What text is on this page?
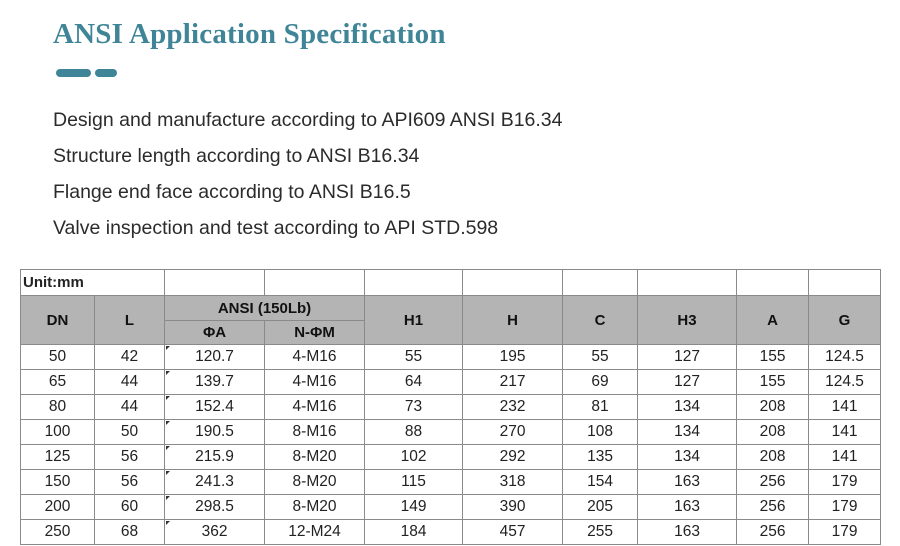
ANSI Application Specification
Design and manufacture according to API609 ANSI B16.34
Structure length according to ANSI B16.34
Flange end face according to ANSI B16.5
Valve inspection and test according to API STD.598
Unit:mm									
DN	L	ANSI (150Lb)		H1	H	C	H3	A	G
		ΦA	N-ΦM						
50	42	120.7	4-M16	55	195	55	127	155	124.5
65	44	139.7	4-M16	64	217	69	127	155	124.5
80	44	152.4	4-M16	73	232	81	134	208	141
100	50	190.5	8-M16	88	270	108	134	208	141
125	56	215.9	8-M20	102	292	135	134	208	141
150	56	241.3	8-M20	115	318	154	163	256	179
200	60	298.5	8-M20	149	390	205	163	256	179
250	68	362	12-M24	184	457	255	163	256	179
